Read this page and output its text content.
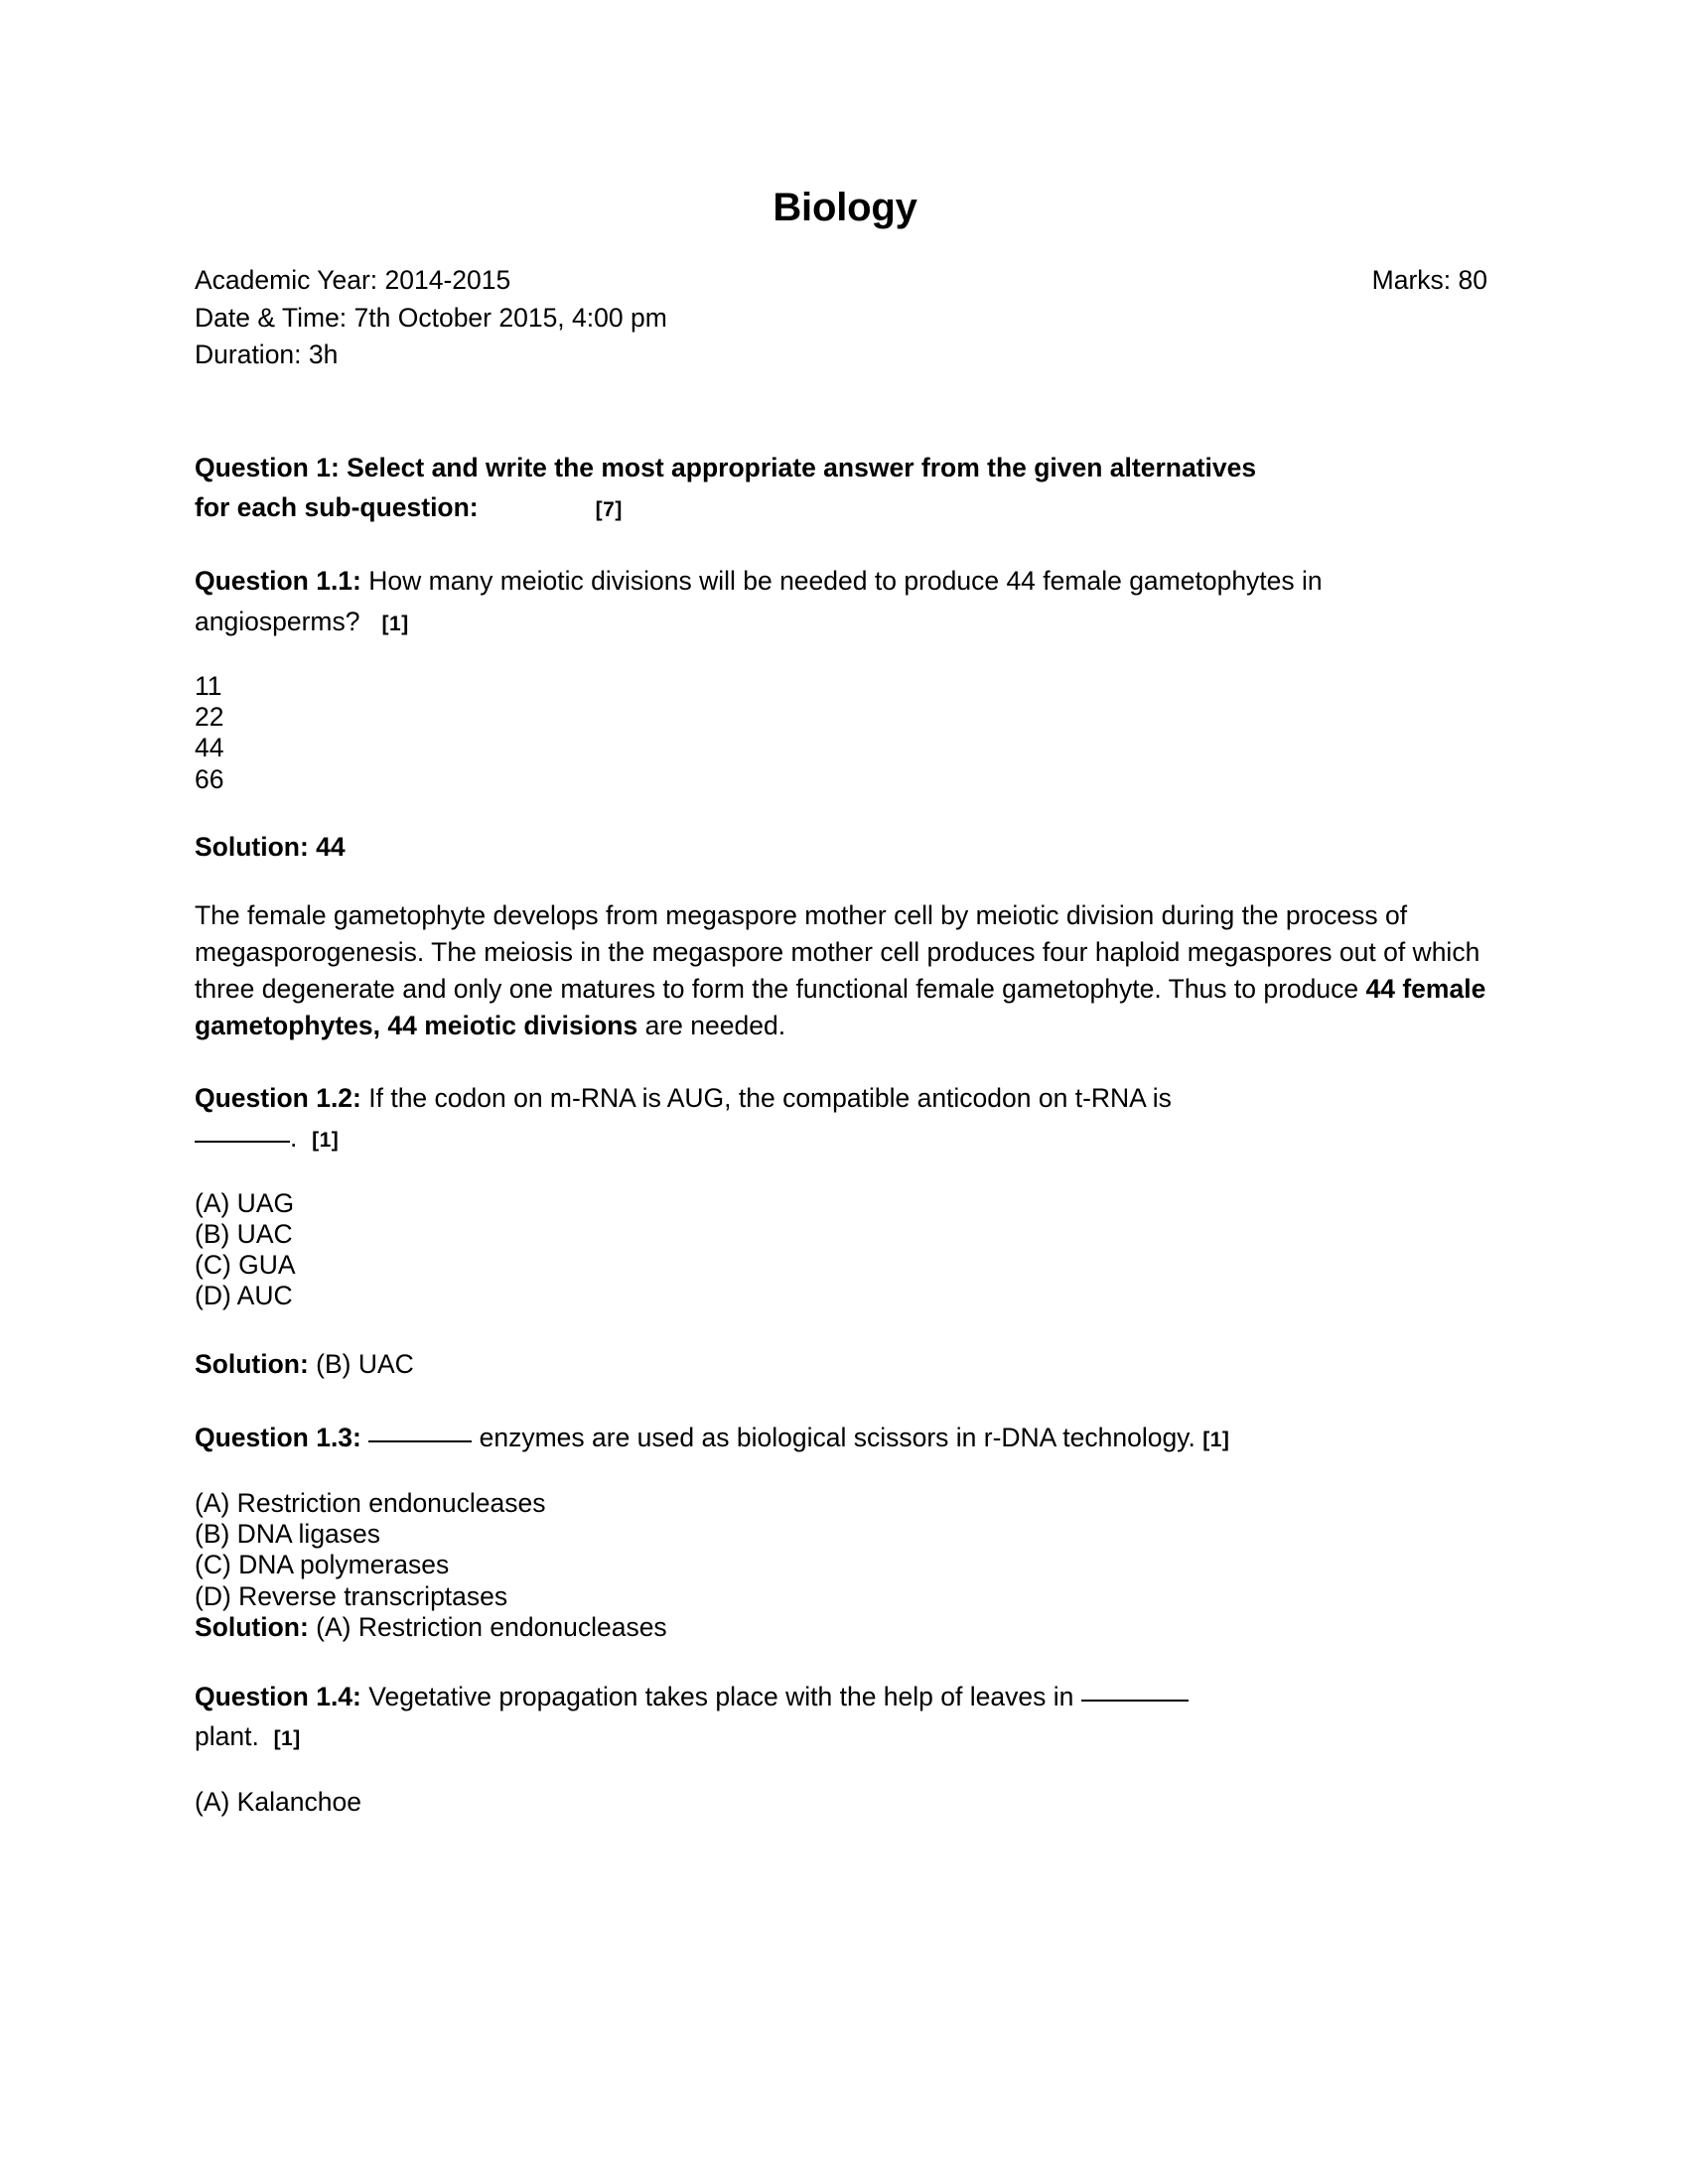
Biology
Academic Year: 2014-2015	Marks: 80
Date & Time: 7th October 2015, 4:00 pm
Duration: 3h
Question 1: Select and write the most appropriate answer from the given alternatives
for each sub-question:	[7]
Question 1.1: How many meiotic divisions will be needed to produce 44 female gametophytes in angiosperms? [1]
11
22
44
66
Solution: 44
The female gametophyte develops from megaspore mother cell by meiotic division during the process of megasporogenesis. The meiosis in the megaspore mother cell produces four haploid megaspores out of which three degenerate and only one matures to form the functional female gametophyte. Thus to produce 44 female gametophytes, 44 meiotic divisions are needed.
Question 1.2: If the codon on m-RNA is AUG, the compatible anticodon on t-RNA is
. [1]
(A) UAG
(B) UAC
(C) GUA
(D) AUC
Solution: (B) UAC
Question 1.3:	enzymes are used as biological scissors in r-DNA technology. [1]
(A) Restriction endonucleases
(B) DNA ligases
(C) DNA polymerases
(D) Reverse transcriptases
Solution: (A) Restriction endonucleases
Question 1.4: Vegetative propagation takes place with the help of leaves in
plant. [1]
(A) Kalanchoe
